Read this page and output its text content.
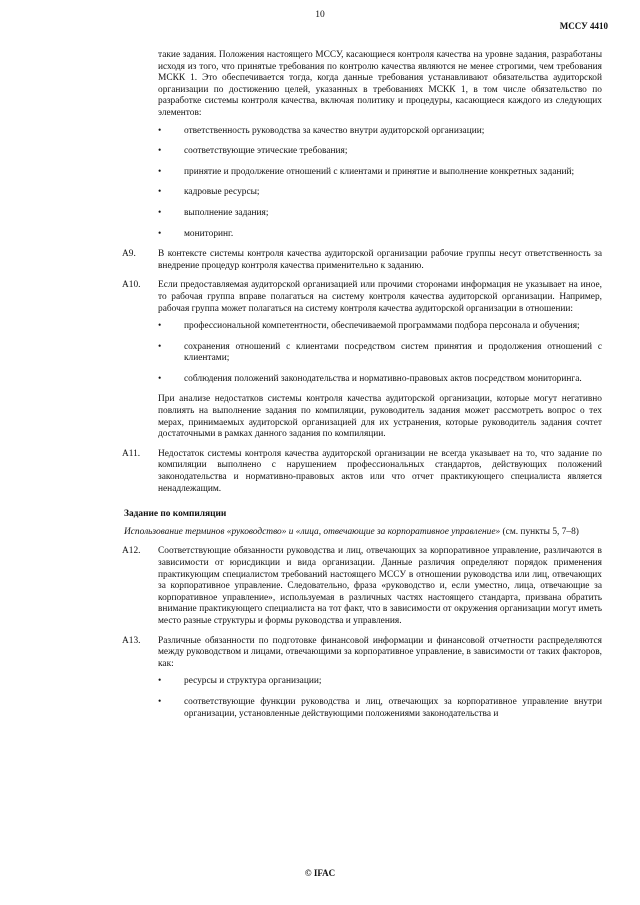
10
МССУ 4410
такие задания. Положения настоящего МССУ, касающиеся контроля качества на уровне задания, разработаны исходя из того, что принятые требования по контролю качества являются не менее строгими, чем требования МСКК 1. Это обеспечивается тогда, когда данные требования устанавливают обязательства аудиторской организации по достижению целей, указанных в требованиях МСКК 1, в том числе обязательство по разработке системы контроля качества, включая политику и процедуры, касающиеся каждого из следующих элементов:
• ответственность руководства за качество внутри аудиторской организации;
• соответствующие этические требования;
• принятие и продолжение отношений с клиентами и принятие и выполнение конкретных заданий;
• кадровые ресурсы;
• выполнение задания;
• мониторинг.
A9. В контексте системы контроля качества аудиторской организации рабочие группы несут ответственность за внедрение процедур контроля качества применительно к заданию.
A10. Если предоставляемая аудиторской организацией или прочими сторонами информация не указывает на иное, то рабочая группа вправе полагаться на систему контроля качества аудиторской организации. Например, рабочая группа может полагаться на систему контроля качества аудиторской организации в отношении:
• профессиональной компетентности, обеспечиваемой программами подбора персонала и обучения;
• сохранения отношений с клиентами посредством систем принятия и продолжения отношений с клиентами;
• соблюдения положений законодательства и нормативно-правовых актов посредством мониторинга.
При анализе недостатков системы контроля качества аудиторской организации, которые могут негативно повлиять на выполнение задания по компиляции, руководитель задания может рассмотреть вопрос о тех мерах, принимаемых аудиторской организацией для их устранения, которые руководитель задания сочтет достаточными в рамках данного задания по компиляции.
A11. Недостаток системы контроля качества аудиторской организации не всегда указывает на то, что задание по компиляции выполнено с нарушением профессиональных стандартов, действующих положений законодательства и нормативно-правовых актов или что отчет практикующего специалиста является ненадлежащим.
Задание по компиляции
Использование терминов «руководство» и «лица, отвечающие за корпоративное управление» (см. пункты 5, 7–8)
A12. Соответствующие обязанности руководства и лиц, отвечающих за корпоративное управление, различаются в зависимости от юрисдикции и вида организации. Данные различия определяют порядок применения практикующим специалистом требований настоящего МССУ в отношении руководства или лиц, отвечающих за корпоративное управление. Следовательно, фраза «руководство и, если уместно, лица, отвечающие за корпоративное управление», используемая в различных частях настоящего стандарта, призвана обратить внимание практикующего специалиста на тот факт, что в зависимости от окружения организации могут иметь место разные структуры и формы руководства и управления.
A13. Различные обязанности по подготовке финансовой информации и финансовой отчетности распределяются между руководством и лицами, отвечающими за корпоративное управление, в зависимости от таких факторов, как:
• ресурсы и структура организации;
• соответствующие функции руководства и лиц, отвечающих за корпоративное управление внутри организации, установленные действующими положениями законодательства и
© IFAC
